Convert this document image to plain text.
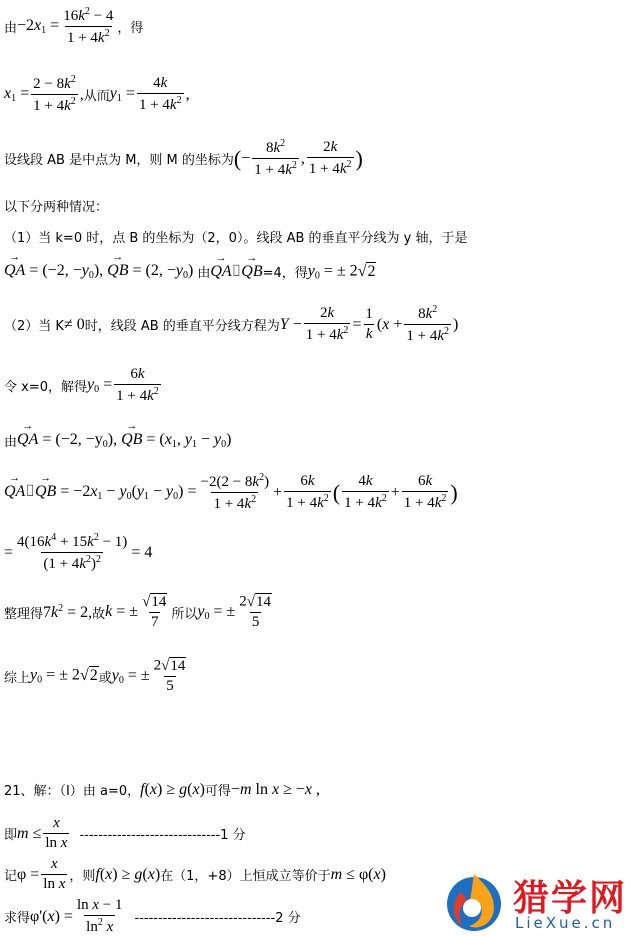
由 $-2x_1 = \frac{16k^2 - 4}{1 + 4k^2}$ ，得
$x_1 = \frac{2 - 8k^2}{1 + 4k^2}$ , 从而 $y_1 = \frac{4k}{1 + 4k^2}$ ,
设线段 AB 是中点为 M，则 M 的坐标为 ( − $\frac{8k^2}{1 + 4k^2}$ , $\frac{2k}{1 + 4k^2}$ )
以下分两种情况：
（1）当 k=0 时，点 B 的坐标为（2，0）。线段 AB 的垂直平分线为 y 轴，于是
→ QA = (−2, $-y_0$), → QB = (2, $-y_0$) 由 → QA⌷→ QB =4，得 $y_0$ = ± 2√ 2
（2）当 K ≠ 0 时，线段 AB 的垂直平分线方程为 $Y - \frac{2k}{1 + 4k^2} = \frac{1}{k} (x + \frac{8k^2}{1 + 4k^2}$ )
令 x=0，解得 $y_0 = \frac{6k}{1 + 4k^2}$
由 → QA = (−2, $-y_0$), → QB = ($x_1$, $y_1 - y_0$)
→ QA⌷→ QB = $-2x_1 - y_0(y_1 - y_0) = \frac{-2(2 - 8k^2)}{1 + 4k^2} + \frac{6k}{1 + 4k^2}$ ( $\frac{4k}{1 + 4k^2} + \frac{6k}{1 + 4k^2}$ )
= $\frac{4(16k^4 + 15k^2 - 1)}{(1 + 4k^2)^2} = 4$
整理得 $7k^2 = 2$, 故 k = ± $\frac{√ 14}{7}$ 所以 $y_0$ = ± $\frac{2√ 14}{5}$
综上 $y_0$ = ± 2√ 2 或 $y_0$ = ± $\frac{2√ 14}{5}$
21、解：（Ⅰ）由 a=0， f(x) ≥ g(x) 可得 −m ln x ≥ −x ,
即 $m \le \frac{x}{\text{ln x}} ------------------------------1$ 分
记 $\varphi = \frac{x}{\text{ln x}}$ ，则 f(x) ≥ g(x) 在（1，+8）上恒成立等价于 m ≤ φ(x)
求得 $\varphi'(x) = \frac{\text{ln x − 1}}{\ln^2 x} ------------------------------2$ 分	猎学网
LieXue.cn
